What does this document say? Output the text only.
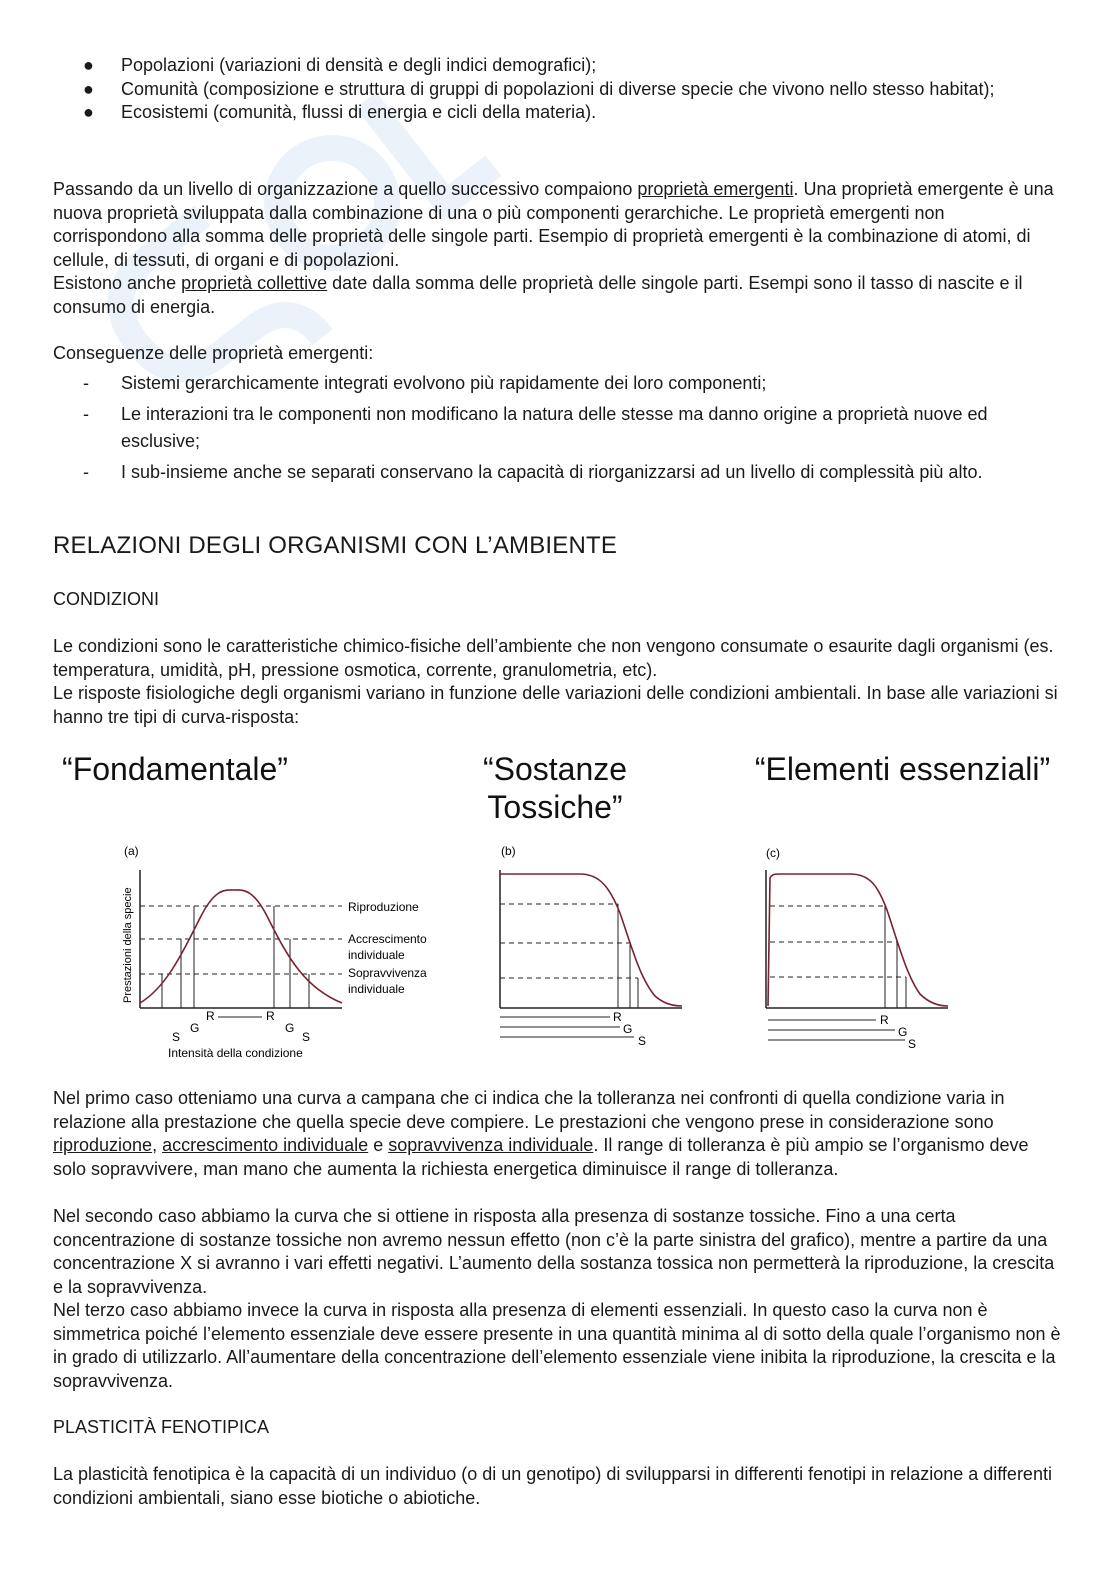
● Popolazioni (variazioni di densità e degli indici demografici);
● Comunità (composizione e struttura di gruppi di popolazioni di diverse specie che vivono nello stesso habitat);
● Ecosistemi (comunità, flussi di energia e cicli della materia).

Passando da un livello di organizzazione a quello successivo compaiono proprietà emergenti. Una proprietà emergente è una nuova proprietà sviluppata dalla combinazione di una o più componenti gerarchiche. Le proprietà emergenti non corrispondono alla somma delle proprietà delle singole parti. Esempio di proprietà emergenti è la combinazione di atomi, di cellule, di tessuti, di organi e di popolazioni.

Esistono anche proprietà collettive date dalla somma delle proprietà delle singole parti. Esempi sono il tasso di nascite e il consumo di energia.

Conseguenze delle proprietà emergenti:

- Sistemi gerarchicamente integrati evolvono più rapidamente dei loro componenti;
- Le interazioni tra le componenti non modificano la natura delle stesse ma danno origine a proprietà nuove ed esclusive;
- I sub-insieme anche se separati conservano la capacità di riorganizzarsi ad un livello di complessità più alto.
RELAZIONI DEGLI ORGANISMI CON L’AMBIENTE
CONDIZIONI

Le condizioni sono le caratteristiche chimico-fisiche dell’ambiente che non vengono consumate o esaurite dagli organismi (es. temperatura, umidità, pH, pressione osmotica, corrente, granulometria, etc).

Le risposte fisiologiche degli organismi variano in funzione delle variazioni delle condizioni ambientali. In base alle variazioni si hanno tre tipi di curva-risposta:

“Fondamentale”	“Sostanze Tossiche”
“Elementi essenziali”
(a)
Prestazioni della specie	Riproduzione
Accrescimento
individuale
Sopravvivenza
individuale
R	R
G	G
S	S
Intensità della condizione
(b)
R
G
S
(c)
R
G
S

Nel primo caso otteniamo una curva a campana che ci indica che la tolleranza nei confronti di quella condizione varia in relazione alla prestazione che quella specie deve compiere. Le prestazioni che vengono prese in considerazione sono riproduzione, accrescimento individuale e sopravvivenza individuale. Il range di tolleranza è più ampio se l’organismo deve solo sopravvivere, man mano che aumenta la richiesta energetica diminuisce il range di tolleranza.

Nel secondo caso abbiamo la curva che si ottiene in risposta alla presenza di sostanze tossiche. Fino a una certa concentrazione di sostanze tossiche non avremo nessun effetto (non c’è la parte sinistra del grafico), mentre a partire da una concentrazione X si avranno i vari effetti negativi. L’aumento della sostanza tossica non permetterà la riproduzione, la crescita e la sopravvivenza.

Nel terzo caso abbiamo invece la curva in risposta alla presenza di elementi essenziali. In questo caso la curva non è simmetrica poiché l’elemento essenziale deve essere presente in una quantità minima al di sotto della quale l’organismo non è in grado di utilizzarlo. All’aumentare della concentrazione dell’elemento essenziale viene inibita la riproduzione, la crescita e la sopravvivenza.

PLASTICITÀ FENOTIPICA

La plasticità fenotipica è la capacità di un individuo (o di un genotipo) di svilupparsi in differenti fenotipi in relazione a differenti condizioni ambientali, siano esse biotiche o abiotiche.
